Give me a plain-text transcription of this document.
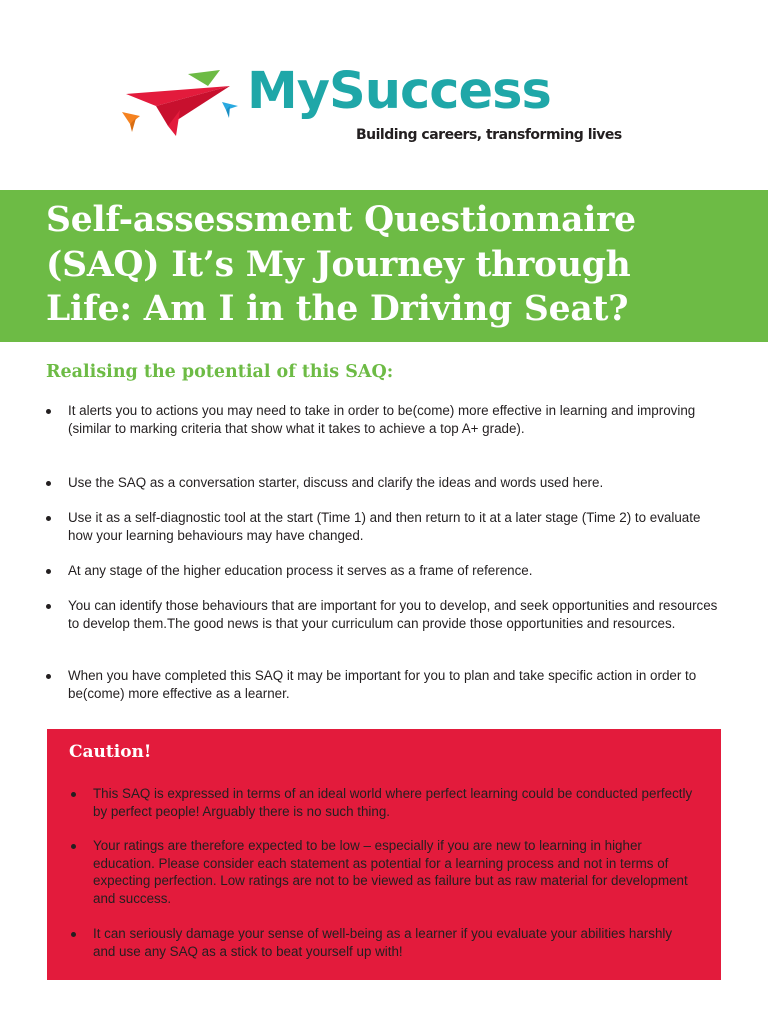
MySuccess
Building careers, transforming lives
Self-assessment Questionnaire
(SAQ) It’s My Journey through
Life: Am I in the Driving Seat?
Realising the potential of this SAQ:
It alerts you to actions you may need to take in order to be(come) more effective in learning and improving (similar to marking criteria that show what it takes to achieve a top A+ grade).
Use the SAQ as a conversation starter, discuss and clarify the ideas and words used here.
Use it as a self-diagnostic tool at the start (Time 1) and then return to it at a later stage (Time 2) to evaluate how your learning behaviours may have changed.
At any stage of the higher education process it serves as a frame of reference.
You can identify those behaviours that are important for you to develop, and seek opportunities and resources to develop them.The good news is that your curriculum can provide those opportunities and resources.
When you have completed this SAQ it may be important for you to plan and take specific action in order to be(come) more effective as a learner.
Caution!
This SAQ is expressed in terms of an ideal world where perfect learning could be conducted perfectly by perfect people! Arguably there is no such thing.
Your ratings are therefore expected to be low – especially if you are new to learning in higher education. Please consider each statement as potential for a learning process and not in terms of expecting perfection. Low ratings are not to be viewed as failure but as raw material for development and success.
It can seriously damage your sense of well-being as a learner if you evaluate your abilities harshly and use any SAQ as a stick to beat yourself up with!
